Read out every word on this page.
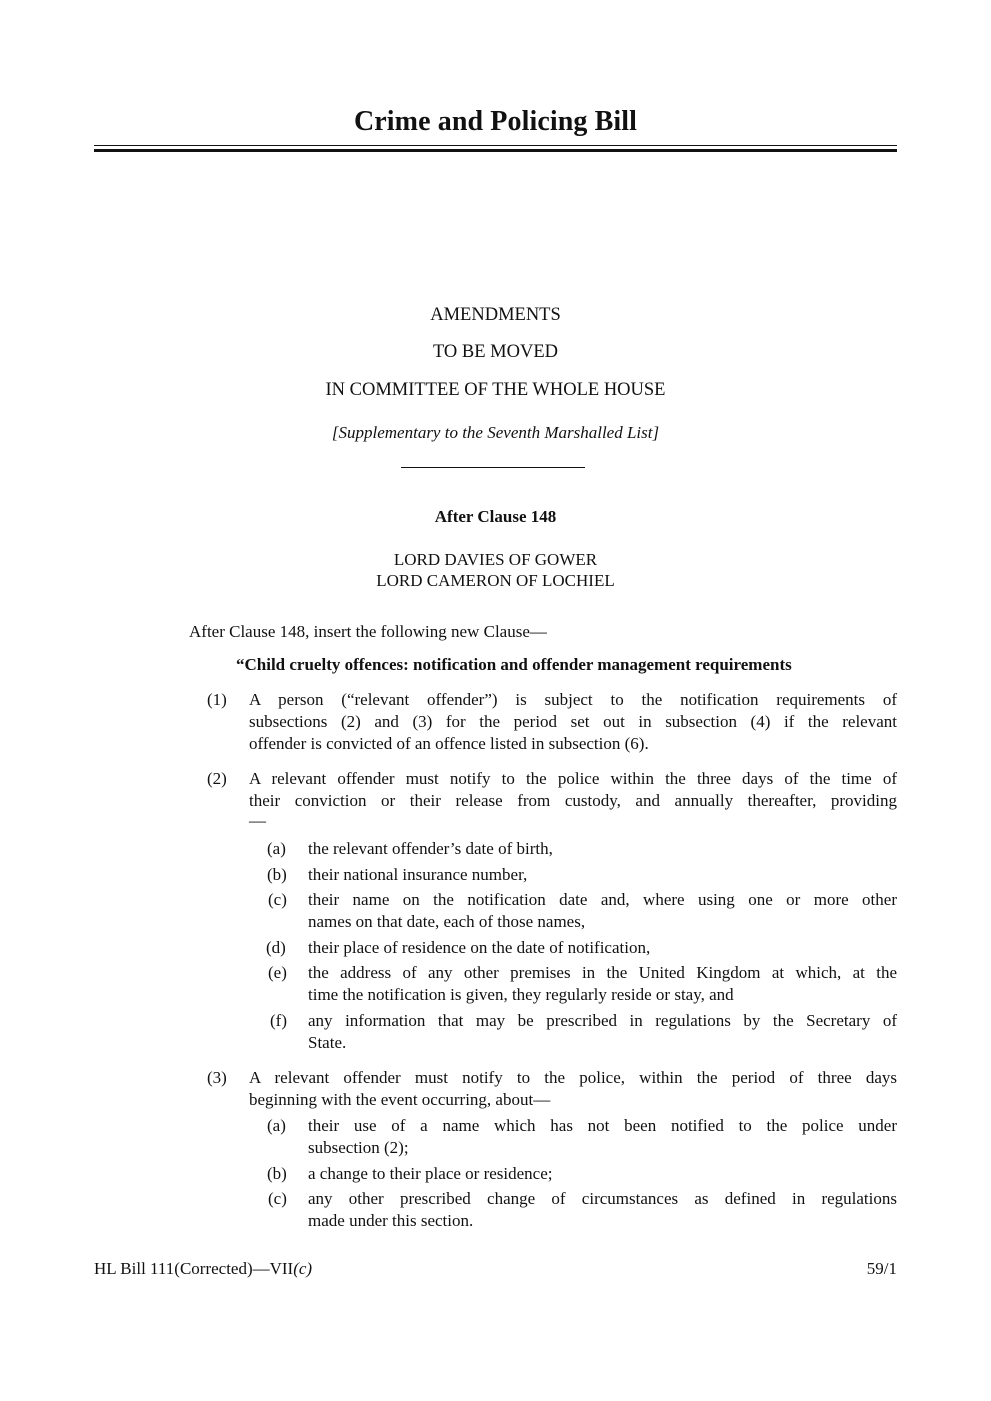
Crime and Policing Bill
AMENDMENTS
TO BE MOVED
IN COMMITTEE OF THE WHOLE HOUSE
[Supplementary to the Seventh Marshalled List]
After Clause 148
LORD DAVIES OF GOWER
LORD CAMERON OF LOCHIEL
After Clause 148, insert the following new Clause—
“Child cruelty offences: notification and offender management requirements
(1) A person (“relevant offender”) is subject to the notification requirements of
subsections (2) and (3) for the period set out in subsection (4) if the relevant
offender is convicted of an offence listed in subsection (6).
(2) A relevant offender must notify to the police within the three days of the time of
their conviction or their release from custody, and annually thereafter, providing
—
(a) the relevant offender’s date of birth,
(b) their national insurance number,
(c) their name on the notification date and, where using one or more other
names on that date, each of those names,
(d) their place of residence on the date of notification,
(e) the address of any other premises in the United Kingdom at which, at the
time the notification is given, they regularly reside or stay, and
(f) any information that may be prescribed in regulations by the Secretary of
State.
(3) A relevant offender must notify to the police, within the period of three days
beginning with the event occurring, about—
(a) their use of a name which has not been notified to the police under
subsection (2);
(b) a change to their place or residence;
(c) any other prescribed change of circumstances as defined in regulations
made under this section.
HL Bill 111(Corrected)—VII(c)	59/1
